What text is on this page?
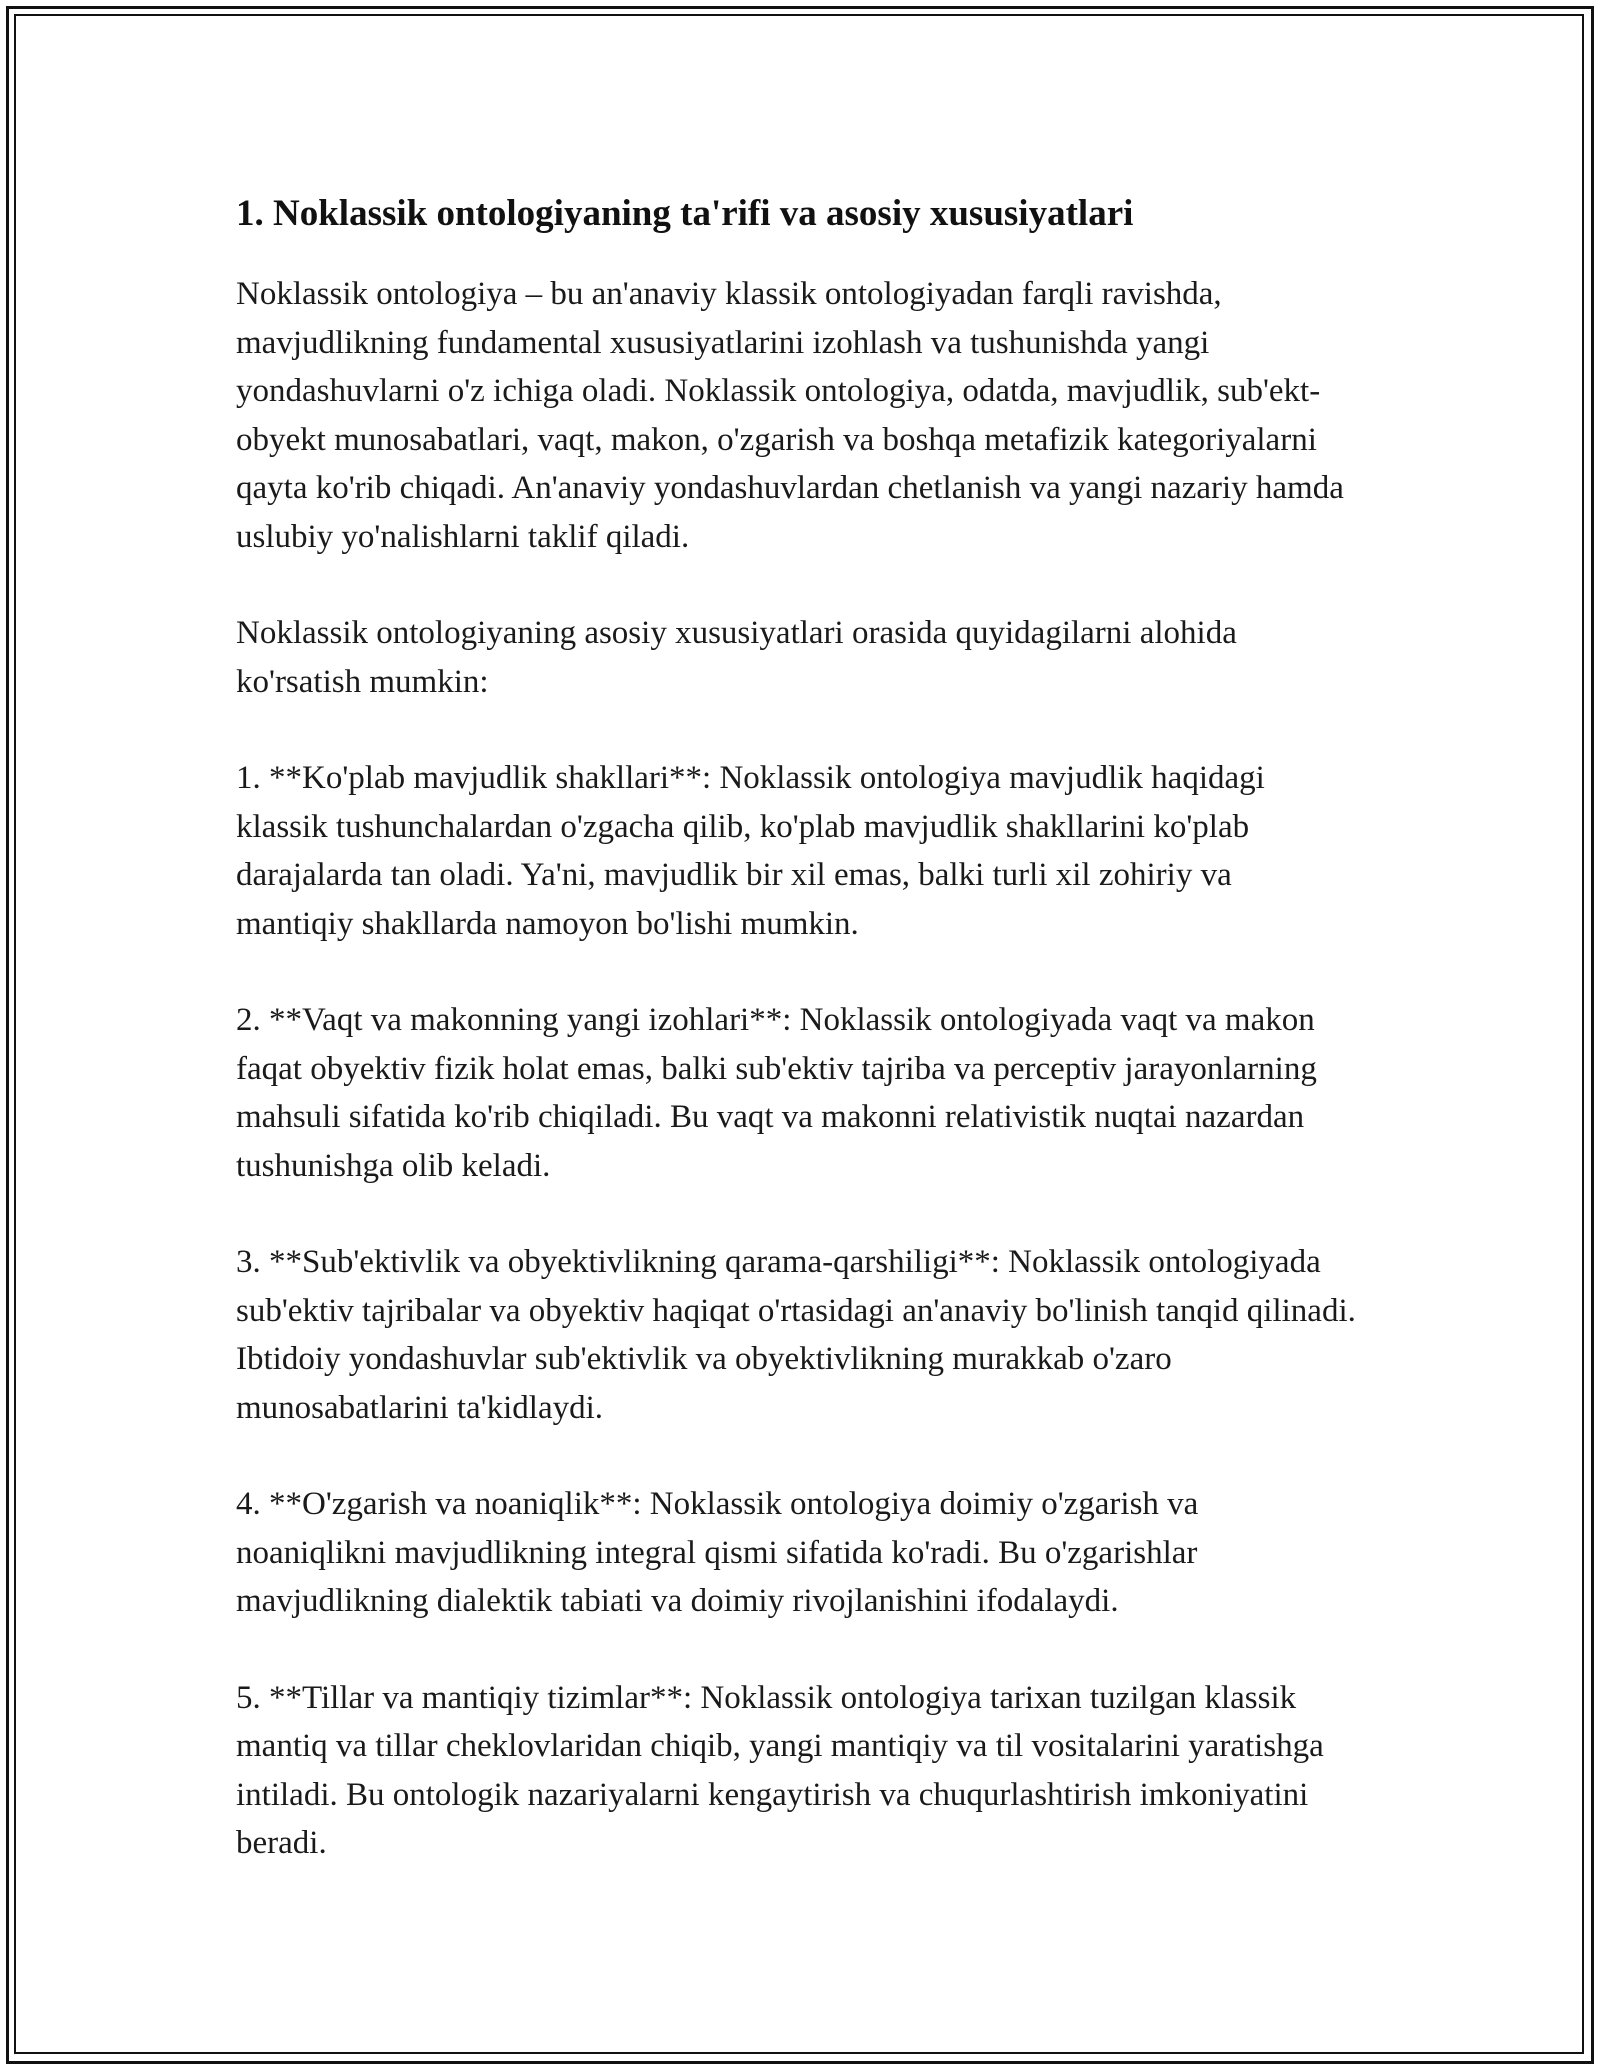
1. Noklassik ontologiyaning ta'rifi va asosiy xususiyatlari

Noklassik ontologiya – bu an'anaviy klassik ontologiyadan farqli ravishda, mavjudlikning fundamental xususiyatlarini izohlash va tushunishda yangi yondashuvlarni o'z ichiga oladi. Noklassik ontologiya, odatda, mavjudlik, sub'ekt-obyekt munosabatlari, vaqt, makon, o'zgarish va boshqa metafizik kategoriyalarni qayta ko'rib chiqadi. An'anaviy yondashuvlardan chetlanish va yangi nazariy hamda uslubiy yo'nalishlarni taklif qiladi.

Noklassik ontologiyaning asosiy xususiyatlari orasida quyidagilarni alohida ko'rsatish mumkin:

1. **Ko'plab mavjudlik shakllari**: Noklassik ontologiya mavjudlik haqidagi klassik tushunchalardan o'zgacha qilib, ko'plab mavjudlik shakllarini ko'plab darajalarda tan oladi. Ya'ni, mavjudlik bir xil emas, balki turli xil zohiriy va mantiqiy shakllarda namoyon bo'lishi mumkin.

2. **Vaqt va makonning yangi izohlari**: Noklassik ontologiyada vaqt va makon faqat obyektiv fizik holat emas, balki sub'ektiv tajriba va perceptiv jarayonlarning mahsuli sifatida ko'rib chiqiladi. Bu vaqt va makonni relativistik nuqtai nazardan tushunishga olib keladi.

3. **Sub'ektivlik va obyektivlikning qarama-qarshiligi**: Noklassik ontologiyada sub'ektiv tajribalar va obyektiv haqiqat o'rtasidagi an'anaviy bo'linish tanqid qilinadi. Ibtidoiy yondashuvlar sub'ektivlik va obyektivlikning murakkab o'zaro munosabatlarini ta'kidlaydi.

4. **O'zgarish va noaniqlik**: Noklassik ontologiya doimiy o'zgarish va noaniqlikni mavjudlikning integral qismi sifatida ko'radi. Bu o'zgarishlar mavjudlikning dialektik tabiati va doimiy rivojlanishini ifodalaydi.

5. **Tillar va mantiqiy tizimlar**: Noklassik ontologiya tarixan tuzilgan klassik mantiq va tillar cheklovlaridan chiqib, yangi mantiqiy va til vositalarini yaratishga intiladi. Bu ontologik nazariyalarni kengaytirish va chuqurlashtirish imkoniyatini beradi.
